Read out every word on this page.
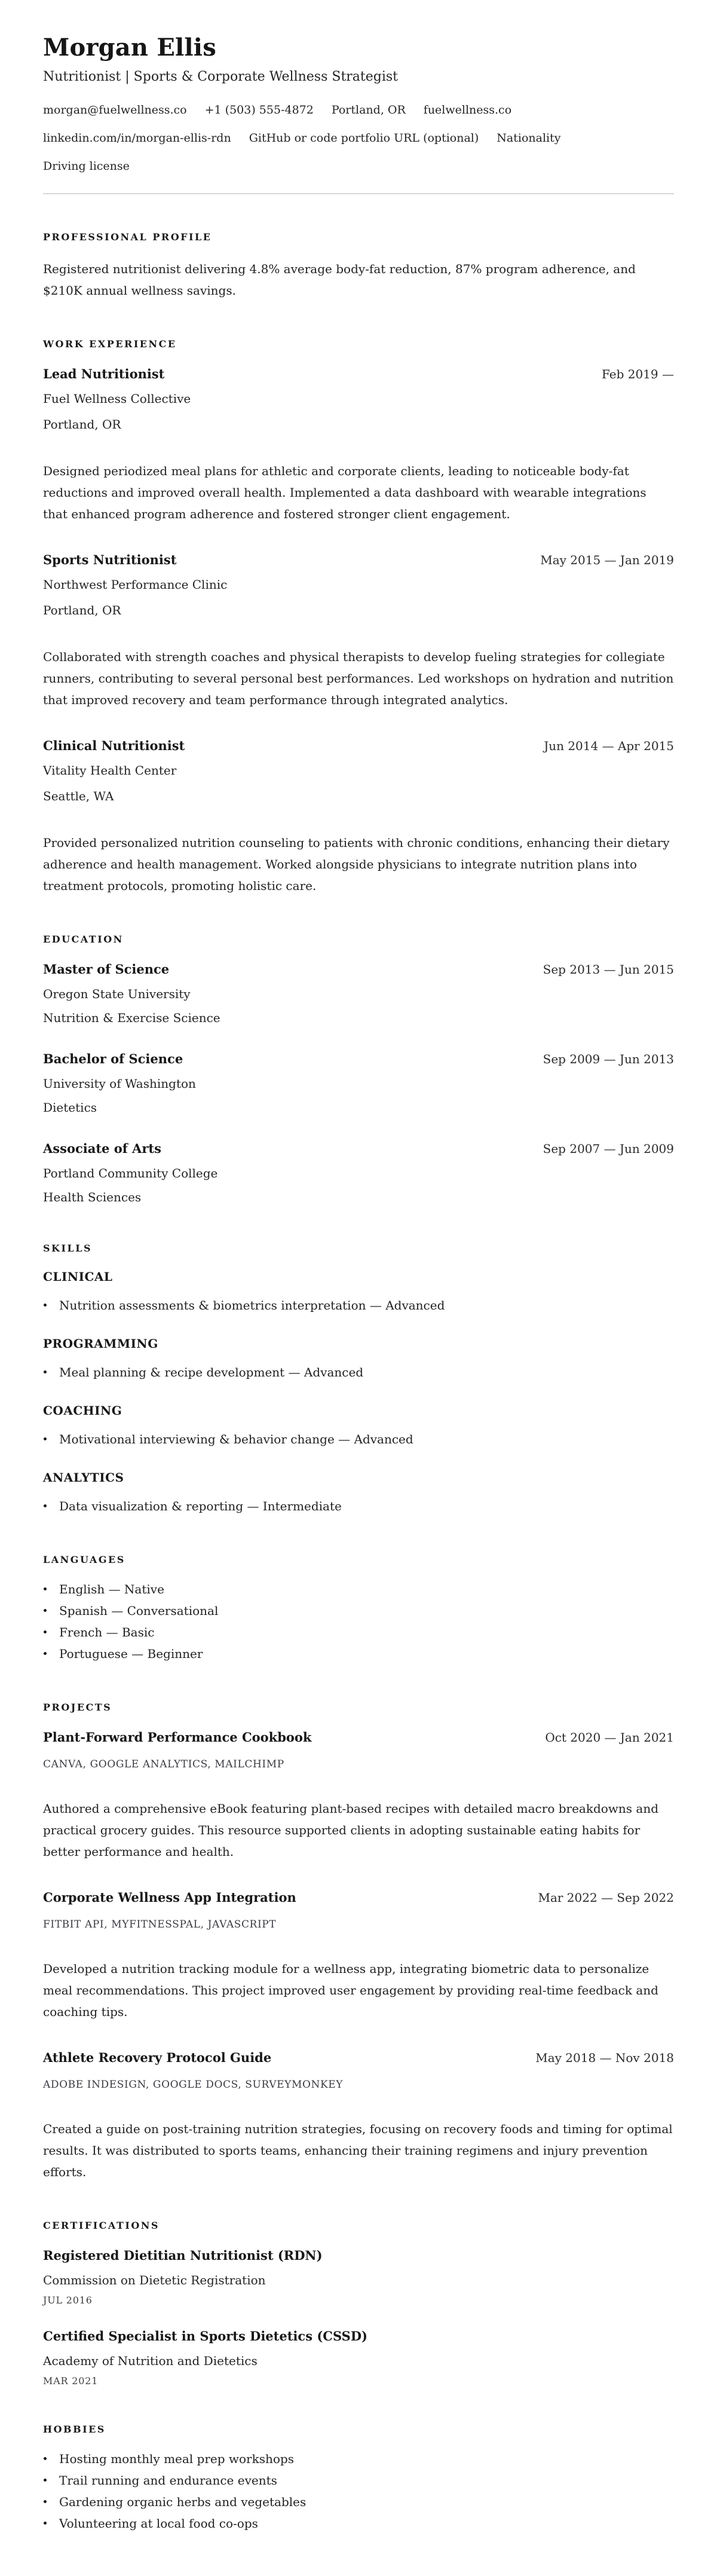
Morgan Ellis
Nutritionist | Sports & Corporate Wellness Strategist
morgan@fuelwellness.co +1 (503) 555-4872 Portland, OR fuelwellness.co
linkedin.com/in/morgan-ellis-rdn GitHub or code portfolio URL (optional) Nationality
Driving license
PROFESSIONAL PROFILE

Registered nutritionist delivering 4.8% average body-fat reduction, 87% program adherence, and $210K annual wellness savings.

WORK EXPERIENCE
Lead Nutritionist	Feb 2019 —
Fuel Wellness Collective
Portland, OR

Designed periodized meal plans for athletic and corporate clients, leading to noticeable body-fat reductions and improved overall health. Implemented a data dashboard with wearable integrations that enhanced program adherence and fostered stronger client engagement.

Sports Nutritionist	May 2015 — Jan 2019
Northwest Performance Clinic
Portland, OR

Collaborated with strength coaches and physical therapists to develop fueling strategies for collegiate runners, contributing to several personal best performances. Led workshops on hydration and nutrition that improved recovery and team performance through integrated analytics.

Clinical Nutritionist	Jun 2014 — Apr 2015
Vitality Health Center
Seattle, WA

Provided personalized nutrition counseling to patients with chronic conditions, enhancing their dietary adherence and health management. Worked alongside physicians to integrate nutrition plans into treatment protocols, promoting holistic care.

EDUCATION
Master of Science	Sep 2013 — Jun 2015
Oregon State University
Nutrition & Exercise Science
Bachelor of Science	Sep 2009 — Jun 2013
University of Washington
Dietetics
Associate of Arts	Sep 2007 — Jun 2009
Portland Community College
Health Sciences
SKILLS
CLINICAL
Nutrition assessments & biometrics interpretation — Advanced
PROGRAMMING
Meal planning & recipe development — Advanced
COACHING
Motivational interviewing & behavior change — Advanced
ANALYTICS
Data visualization & reporting — Intermediate
LANGUAGES
English — Native
Spanish — Conversational
French — Basic
Portuguese — Beginner
PROJECTS
Plant-Forward Performance Cookbook	Oct 2020 — Jan 2021
CANVA, GOOGLE ANALYTICS, MAILCHIMP

Authored a comprehensive eBook featuring plant-based recipes with detailed macro breakdowns and practical grocery guides. This resource supported clients in adopting sustainable eating habits for better performance and health.

Corporate Wellness App Integration	Mar 2022 — Sep 2022
FITBIT API, MYFITNESSPAL, JAVASCRIPT

Developed a nutrition tracking module for a wellness app, integrating biometric data to personalize meal recommendations. This project improved user engagement by providing real-time feedback and coaching tips.

Athlete Recovery Protocol Guide	May 2018 — Nov 2018
ADOBE INDESIGN, GOOGLE DOCS, SURVEYMONKEY

Created a guide on post-training nutrition strategies, focusing on recovery foods and timing for optimal results. It was distributed to sports teams, enhancing their training regimens and injury prevention efforts.

CERTIFICATIONS
Registered Dietitian Nutritionist (RDN)
Commission on Dietetic Registration
JUL 2016
Certified Specialist in Sports Dietetics (CSSD)
Academy of Nutrition and Dietetics
MAR 2021
HOBBIES
Hosting monthly meal prep workshops
Trail running and endurance events
Gardening organic herbs and vegetables
Volunteering at local food co-ops
